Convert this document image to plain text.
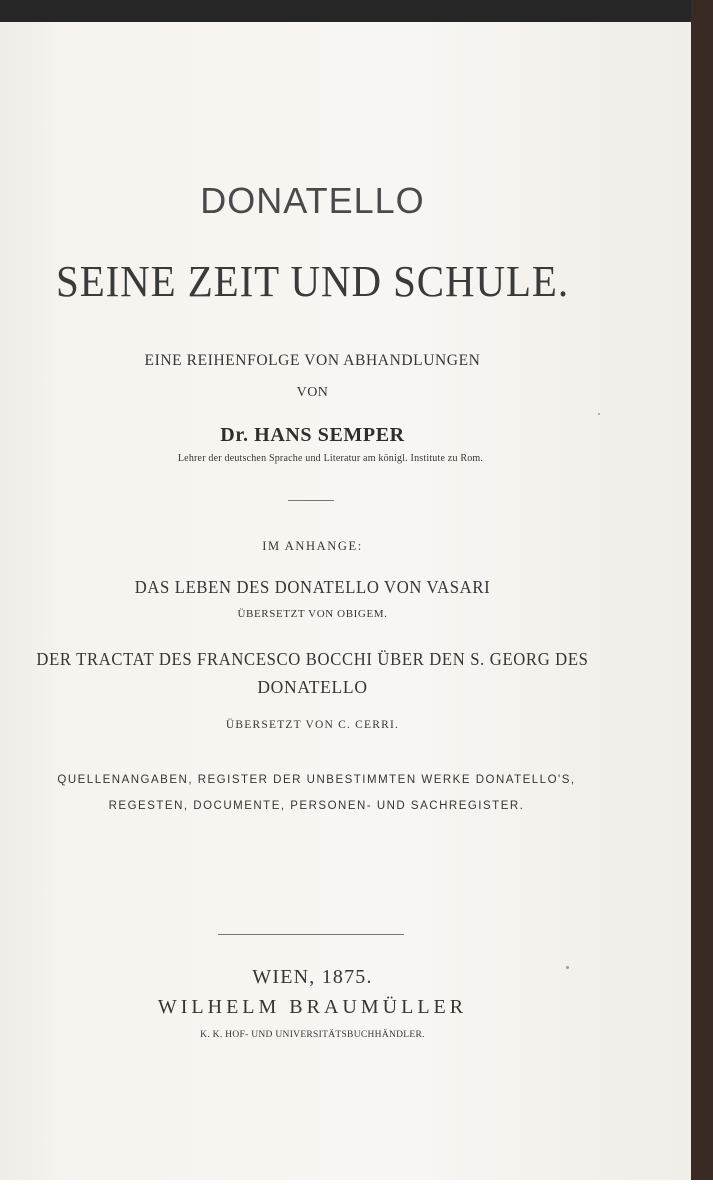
DONATELLO
SEINE ZEIT UND SCHULE.
EINE REIHENFOLGE VON ABHANDLUNGEN
VON
Dr. HANS SEMPER
Lehrer der deutschen Sprache und Literatur am königl. Institute zu Rom.
IM ANHANGE:
DAS LEBEN DES DONATELLO VON VASARI
ÜBERSETZT VON OBIGEM.
DER TRACTAT DES FRANCESCO BOCCHI ÜBER DEN S. GEORG DES
DONATELLO
ÜBERSETZT VON C. CERRI.
QUELLENANGABEN, REGISTER DER UNBESTIMMTEN WERKE DONATELLO'S,
REGESTEN, DOCUMENTE, PERSONEN- UND SACHREGISTER.
WIEN, 1875.
WILHELM BRAUMÜLLER
K. K. HOF- UND UNIVERSITÄTSBUCHHÄNDLER.
